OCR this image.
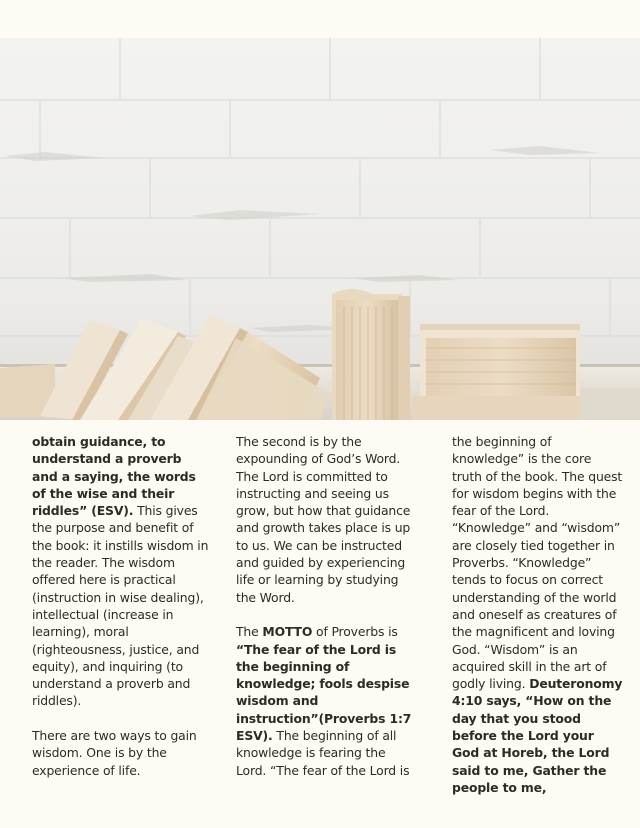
obtain guidance, to understand a proverb and a saying, the words of the wise and their riddles” (ESV). This gives the purpose and benefit of the book: it instills wisdom in the reader. The wisdom offered here is practical (instruction in wise dealing), intellectual (increase in learning), moral (righteousness, justice, and equity), and inquiring (to understand a proverb and riddles).

There are two ways to gain wisdom. One is by the experience of life.

The second is by the expounding of God’s Word. The Lord is committed to instructing and seeing us grow, but how that guidance and growth takes place is up to us. We can be instructed and guided by experiencing life or learning by studying the Word.

The MOTTO of Proverbs is “The fear of the Lord is the beginning of knowledge; fools despise wisdom and instruction”(Proverbs 1:7 ESV). The beginning of all knowledge is fearing the Lord. “The fear of the Lord is

the beginning of knowledge” is the core truth of the book. The quest for wisdom begins with the fear of the Lord. “Knowledge” and “wisdom” are closely tied together in Proverbs. “Knowledge” tends to focus on correct understanding of the world and oneself as creatures of the magnificent and loving God. “Wisdom” is an acquired skill in the art of godly living. Deuteronomy 4:10 says, “How on the day that you stood before the Lord your God at Horeb, the Lord said to me, Gather the people to me,
